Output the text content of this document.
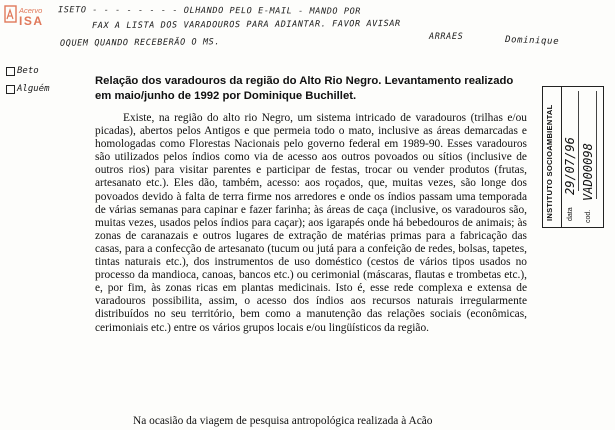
Acervo
ISA
ISETO - - - - - - - - OLHANDO PELO E-MAIL - MANDO POR
FAX A LISTA DOS VARADOUROS PARA ADIANTAR. FAVOR AVISAR
OQUEM QUANDO RECEBERÃO O MS.
ARRAES	Dominique
Beto
Alguém
INSTITUTO SOCIOAMBIENTAL data
29/07/96
cod.
VAD00098
Relação dos varadouros da região do Alto Rio Negro. Levantamento realizado em maio/junho de 1992 por Dominique Buchillet.
Existe, na região do alto rio Negro, um sistema intricado de varadouros (trilhas e/ou picadas), abertos pelos Antigos e que permeia todo o mato, inclusive as áreas demarcadas e homologadas como Florestas Nacionais pelo governo federal em 1989-90. Esses varadouros são utilizados pelos índios como via de acesso aos outros povoados ou sítios (inclusive de outros rios) para visitar parentes e participar de festas, trocar ou vender produtos (frutas, artesanato etc.). Eles dão, também, acesso: aos roçados, que, muitas vezes, são longe dos povoados devido à falta de terra firme nos arredores e onde os índios passam uma temporada de várias semanas para capinar e fazer farinha; às áreas de caça (inclusive, os varadouros são, muitas vezes, usados pelos índios para caçar); aos igarapés onde há bebedouros de animais; às zonas de caranazais e outros lugares de extração de matérias primas para a fabricação das casas, para a confecção de artesanato (tucum ou jutá para a confeição de redes, bolsas, tapetes, tintas naturais etc.), dos instrumentos de uso doméstico (cestos de vários tipos usados no processo da mandioca, canoas, bancos etc.) ou cerimonial (máscaras, flautas e trombetas etc.), e, por fim, às zonas ricas em plantas medicinais. Isto é, esse rede complexa e extensa de varadouros possibilita, assim, o acesso dos índios aos recursos naturais irregularmente distribuídos no seu território, bem como a manutenção das relações sociais (econômicas, cerimoniais etc.) entre os vários grupos locais e/ou lingüísticos da região.
Na ocasião da viagem de pesquisa antropológica realizada à Acão
